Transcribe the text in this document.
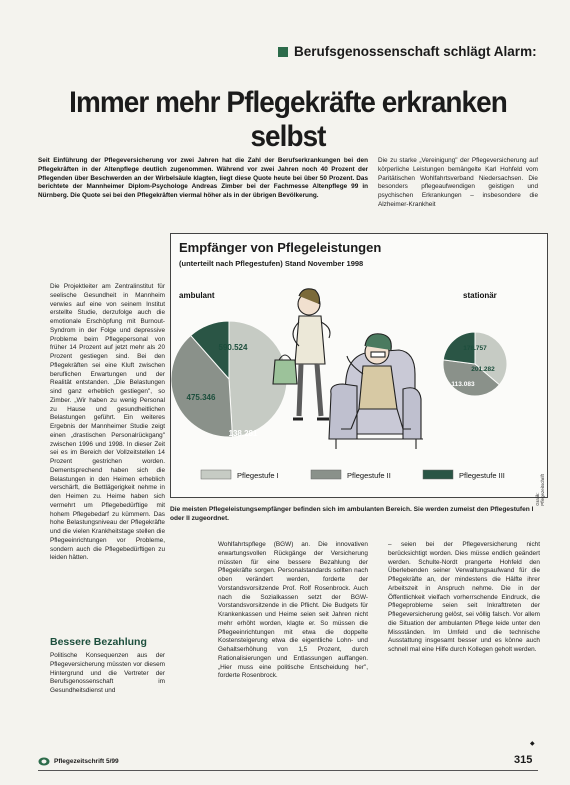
Berufsgenossenschaft schlägt Alarm:
Immer mehr Pflegekräfte erkranken selbst
Seit Einführung der Pflegeversicherung vor zwei Jahren hat die Zahl der Berufserkrankungen bei den Pflegekräften in der Altenpflege deutlich zugenommen. Während vor zwei Jahren noch 40 Prozent der Pflegenden über Beschwerden an der Wirbelsäule klagten, liegt diese Quote heute bei über 50 Prozent. Das berichtete der Mannheimer Diplom-Psychologe Andreas Zimber bei der Fachmesse Altenpflege 99 in Nürnberg. Die Quote sei bei den Pflegekräften viermal höher als in der übrigen Bevölkerung.
Die zu starke „Vereinigung" der Pflegeversicherung auf körperliche Leistungen bemängelte Karl Hohfeld vom Paritätischen Wohlfahrtsverband Niedersachsen. Die besonders pflegeaufwendigen geistigen und psychischen Erkrankungen – insbesondere die Alzheimer-Krankheit
Die Projektleiter am Zentralinstitut für seelische Gesundheit in Mannheim verwies auf eine von seinem Institut erstellte Studie, derzufolge auch die emotionale Erschöpfung mit Burnout-Syndrom in der Folge und depressive Probleme beim Pflegepersonal von früher 14 Prozent auf jetzt mehr als 20 Prozent gestiegen sind. Bei den Pflegekräften sei eine Kluft zwischen beruflichen Erwartungen und der Realität entstanden. „Die Belastungen sind ganz erheblich gestiegen", so Zimber. „Wir haben zu wenig Personal zu Hause und gesundheitlichen Belastungen geführt. Ein weiteres Ergebnis der Mannheimer Studie zeigt einen „drastischen Personalrückgang" zwischen 1996 und 1998. In dieser Zeit sei es im Bereich der Vollzeitstellen 14 Prozent gestrichen worden. Dementsprechend haben sich die Belastungen in den Heimen erheblich verschärft, die Bettlägerigkeit nehme in den Heimen zu. Heime haben sich vermehrt um Pflegebedürftige mit hohem Pflegebedarf zu kümmern. Das hohe Belastungsniveau der Pflegekräfte und die vielen Krankheitstage stellen die Pflegeeinrichtungen vor Probleme, sondern auch die Pflegebedürftigen zu leiden hätten.
Bessere Bezahlung
Politische Konsequenzen aus der Pflegeversicherung müssten vor diesem Hintergrund und die Vertreter der Berufsgenossenschaft im Gesundheitsdienst und
Wohlfahrtspflege (BGW) an. Die innovativen erwartungsvollen Rückgänge der Versicherung müssten für eine bessere Bezahlung der Pflegekräfte sorgen. Personalstandards sollten nach oben verändert werden, forderte der Vorstandsvorsitzende Prof. Rolf Rosenbrock. Auch nach die Sozialkassen setzt der BGW-Vorstandsvorsitzende in die Pflicht. Die Budgets für Krankenkassen und Heime seien seit Jahren nicht mehr erhöht worden, klagte er. So müssen die Pflegeeinrichtungen mit etwa die doppelte Kostensteigerung etwa die eigentliche Lohn- und Gehaltserhöhung von 1,5 Prozent, durch Rationalisierungen und Entlassungen auffangen. „Hier muss eine politische Entscheidung her", forderte Rosenbrock.
– seien bei der Pflegeversicherung nicht berücksichtigt worden. Dies müsse endlich geändert werden. Schulte-Nordt prangerte Hohfeld den Überlebenden seiner Verwaltungsaufwand für die Pflegekräfte an, der mindestens die Hälfte ihrer Arbeitszeit in Anspruch nehme. Die in der Öffentlichkeit vielfach vorherrschende Eindruck, die Pflegeprobleme seien seit Inkrafttreten der Pflegeversicherung gelöst, sei völlig falsch. Vor allem die Situation der ambulanten Pflege leide unter den Missständen. Im Umfeld und die technische Ausstattung insgesamt besser und es könne auch schnell mal eine Hilfe durch Kollegen geholt werden.
Empfänger von Pflegeleistungen
(unterteilt nach Pflegestufen) Stand November 1998
ambulant	stationär
590.524
475.346
138.281
178.757
201.282
113.083
Pflegestufe I	Pflegestufe II	Pflegestufe III
Grafik: Pflegezeitschrift
Die meisten Pflegeleistungsempfänger befinden sich im ambulanten Bereich. Sie werden zumeist den Pflegestufen I oder II zugeordnet.
◆
Pflegezeitschrift 5/99	315
